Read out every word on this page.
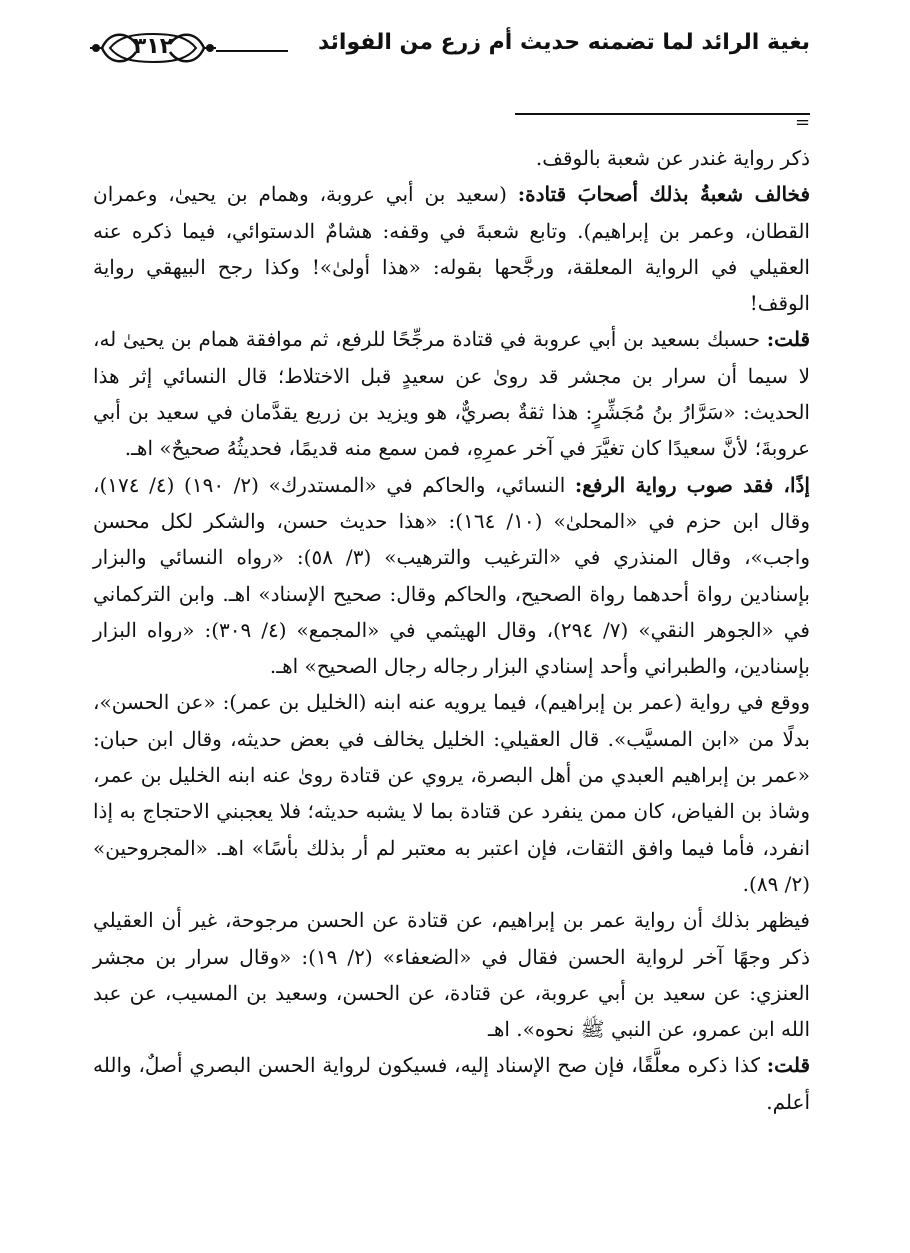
٣١٢	بغية الرائد لما تضمنه حديث أم زرع من الفوائد
=

ذكر رواية غندر عن شعبة بالوقف.

فخالف شعبةُ بذلك أصحابَ قتادة: (سعيد بن أبي عروبة، وهمام بن يحيىٰ، وعمران القطان، وعمر بن إبراهيم). وتابع شعبةَ في وقفه: هشامٌ الدستوائي، فيما ذكره عنه العقيلي في الرواية المعلقة، ورجَّحها بقوله: «هذا أولىٰ»! وكذا رجح البيهقي رواية الوقف!

قلت: حسبك بسعيد بن أبي عروبة في قتادة مرجِّحًا للرفع، ثم موافقة همام بن يحيىٰ له، لا سيما أن سرار بن مجشر قد روىٰ عن سعيدٍ قبل الاختلاط؛ قال النسائي إثر هذا الحديث: «سَرَّارُ بنُ مُجَشِّرٍ: هذا ثقةٌ بصريٌّ، هو ويزيد بن زريع يقدَّمان في سعيد بن أبي عروبةَ؛ لأنَّ سعيدًا كان تغيَّرَ في آخر عمرِهِ، فمن سمع منه قديمًا، فحديثُهُ صحيحٌ» اهـ.

إذًا، فقد صوب رواية الرفع: النسائي، والحاكم في «المستدرك» (٢/ ١٩٠) (٤/ ١٧٤)، وقال ابن حزم في «المحلىٰ» (١٠/ ١٦٤): «هذا حديث حسن، والشكر لكل محسن واجب»، وقال المنذري في «الترغيب والترهيب» (٣/ ٥٨): «رواه النسائي والبزار بإسنادين رواة أحدهما رواة الصحيح، والحاكم وقال: صحيح الإسناد» اهـ. وابن التركماني في «الجوهر النقي» (٧/ ٢٩٤)، وقال الهيثمي في «المجمع» (٤/ ٣٠٩): «رواه البزار بإسنادين، والطبراني وأحد إسنادي البزار رجاله رجال الصحيح» اهـ.

ووقع في رواية (عمر بن إبراهيم)، فيما يرويه عنه ابنه (الخليل بن عمر): «عن الحسن»، بدلًا من «ابن المسيَّب». قال العقيلي: الخليل يخالف في بعض حديثه، وقال ابن حبان: «عمر بن إبراهيم العبدي من أهل البصرة، يروي عن قتادة روىٰ عنه ابنه الخليل بن عمر، وشاذ بن الفياض، كان ممن ينفرد عن قتادة بما لا يشبه حديثه؛ فلا يعجبني الاحتجاج به إذا انفرد، فأما فيما وافق الثقات، فإن اعتبر به معتبر لم أر بذلك بأسًا» اهـ. «المجروحين» (٢/ ٨٩).

فيظهر بذلك أن رواية عمر بن إبراهيم، عن قتادة عن الحسن مرجوحة، غير أن العقيلي ذكر وجهًا آخر لرواية الحسن فقال في «الضعفاء» (٢/ ١٩): «وقال سرار بن مجشر العنزي: عن سعيد بن أبي عروبة، عن قتادة، عن الحسن، وسعيد بن المسيب، عن عبد الله ابن عمرو، عن النبي ﷺ نحوه». اهـ

قلت: كذا ذكره معلَّقًا، فإن صح الإسناد إليه، فسيكون لرواية الحسن البصري أصلٌ، والله أعلم.
